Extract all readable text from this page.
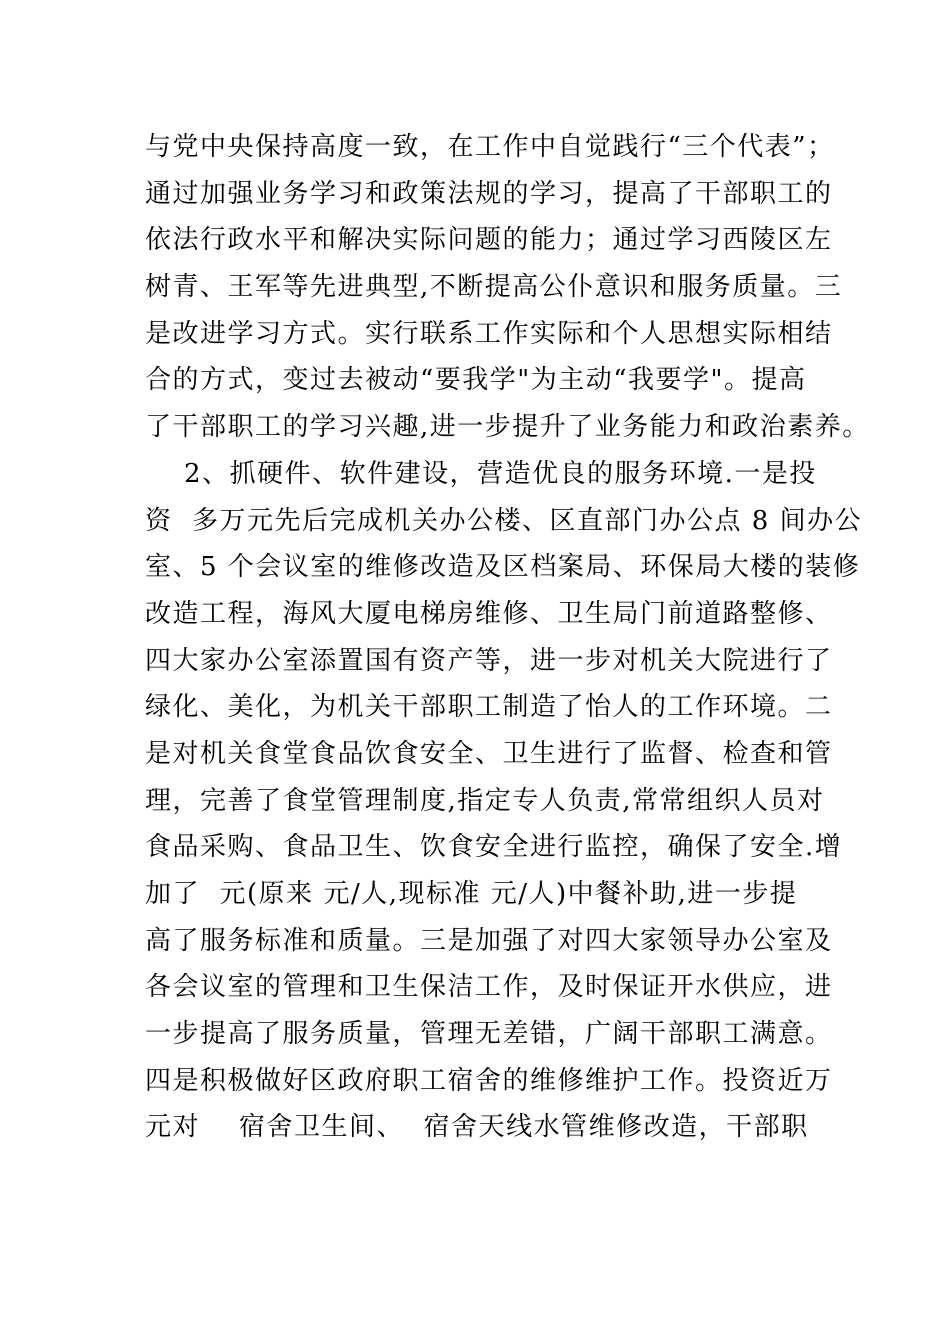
与党中央保持高度一致，在工作中自觉践行“三个代表”；
通过加强业务学习和政策法规的学习，提高了干部职工的
依法行政水平和解决实际问题的能力；通过学习西陵区左
树青、王军等先进典型,不断提高公仆意识和服务质量。三
是改进学习方式。实行联系工作实际和个人思想实际相结
合的方式，变过去被动“要我学"为主动“我要学"。提高
了干部职工的学习兴趣,进一步提升了业务能力和政治素养。
2、抓硬件、软件建设，营造优良的服务环境.一是投
资  多万元先后完成机关办公楼、区直部门办公点 8 间办公
室、5 个会议室的维修改造及区档案局、环保局大楼的装修
改造工程，海风大厦电梯房维修、卫生局门前道路整修、
四大家办公室添置国有资产等，进一步对机关大院进行了
绿化、美化，为机关干部职工制造了怡人的工作环境。二
是对机关食堂食品饮食安全、卫生进行了监督、检查和管
理，完善了食堂管理制度,指定专人负责,常常组织人员对
食品采购、食品卫生、饮食安全进行监控，确保了安全.增
加了  元(原来 元/人,现标准 元/人)中餐补助,进一步提
高了服务标准和质量。三是加强了对四大家领导办公室及
各会议室的管理和卫生保洁工作，及时保证开水供应，进
一步提高了服务质量，管理无差错，广阔干部职工满意。
四是积极做好区政府职工宿舍的维修维护工作。投资近万
元对    宿舍卫生间、  宿舍天线水管维修改造，干部职
